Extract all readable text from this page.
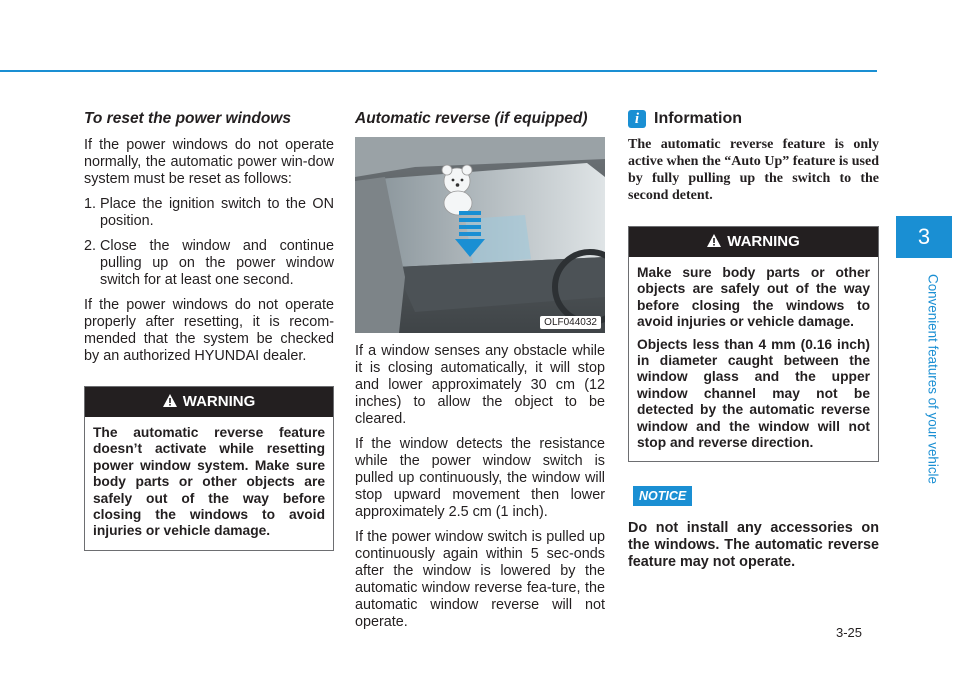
To reset the power windows

If the power windows do not operate normally, the automatic power win-dow system must be reset as follows:

1. Place the ignition switch to the ON position.
2. Close the window and continue pulling up on the power window switch for at least one second.

If the power windows do not operate properly after resetting, it is recom-mended that the system be checked by an authorized HYUNDAI dealer.

WARNING

The automatic reverse feature doesn’t activate while resetting power window system. Make sure body parts or other objects are safely out of the way before closing the windows to avoid injuries or vehicle damage.

Automatic reverse (if equipped)
OLF044032

If a window senses any obstacle while it is closing automatically, it will stop and lower approximately 30 cm (12 inches) to allow the object to be cleared.

If the window detects the resistance while the power window switch is pulled up continuously, the window will stop upward movement then lower approximately 2.5 cm (1 inch).

If the power window switch is pulled up continuously again within 5 sec-onds after the window is lowered by the automatic window reverse fea-ture, the automatic window reverse will not operate.

i Information

The automatic reverse feature is only active when the “Auto Up” feature is used by fully pulling up the switch to the second detent.

WARNING

Make sure body parts or other objects are safely out of the way before closing the windows to avoid injuries or vehicle damage.

Objects less than 4 mm (0.16 inch) in diameter caught between the window glass and the upper window channel may not be detected by the automatic reverse window and the window will not stop and reverse direction.

NOTICE

Do not install any accessories on the windows. The automatic reverse feature may not operate.

3
Convenient features of your vehicle
3-25
